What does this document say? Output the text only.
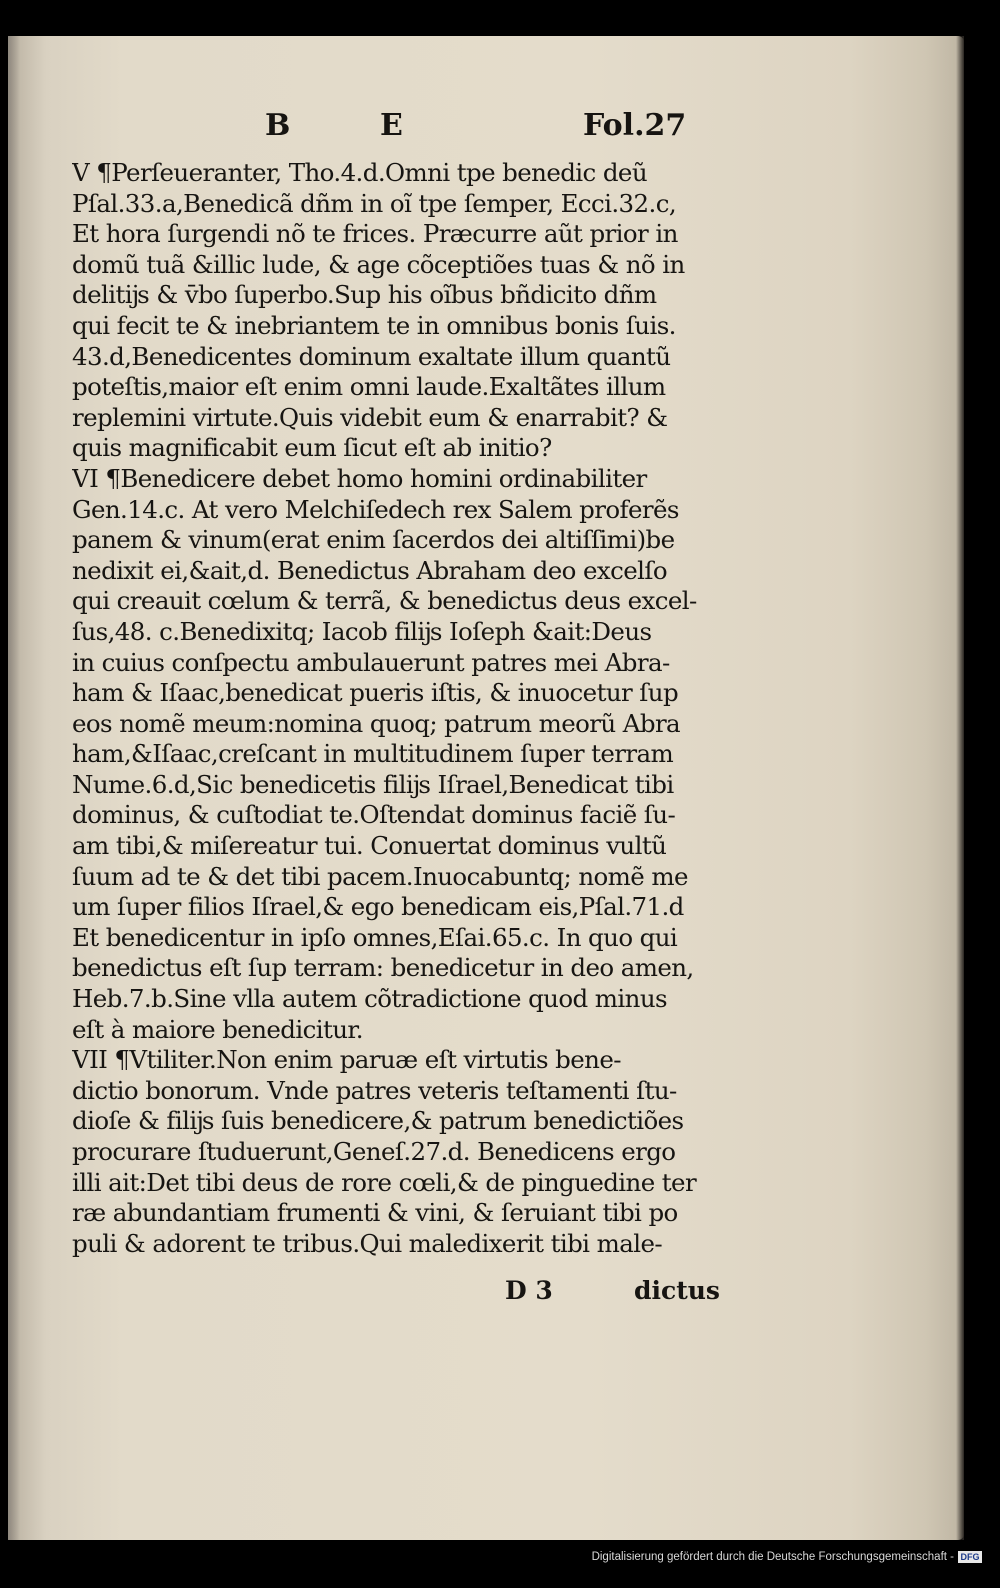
B	E	Fol.27
V ¶Perſeueranter, Tho.4.d.Omni tpe benedic deũ
Pſal.33.a,Benedicã dñm in oĩ tpe ſemper, Ecci.32.c,
Et hora ſurgendi nõ te frices. Præcurre aũt prior in
domũ tuã &illic lude, & age cõceptiões tuas & nõ in
delitĳs & v̄bo ſuperbo.Sup his oĩbus bñdicito dñm
qui fecit te & inebriantem te in omnibus bonis ſuis.
43.d,Benedicentes dominum exaltate illum quantũ
poteſtis,maior eſt enim omni laude.Exaltãtes illum
replemini virtute.Quis videbit eum & enarrabit? &
quis magnificabit eum ſicut eſt ab initio?
VI ¶Benedicere debet homo homini ordinabiliter
Gen.14.c. At vero Melchiſedech rex Salem proferẽs
panem & vinum(erat enim ſacerdos dei altiſſimi)be
nedixit ei,&ait,d. Benedictus Abraham deo excelſo
qui creauit cœlum & terrã, & benedictus deus excel-
ſus,48. c.Benedixitq; Iacob filĳs Ioſeph &ait:Deus
in cuius conſpectu ambulauerunt patres mei Abra-
ham & Iſaac,benedicat pueris iſtis, & inuocetur ſup
eos nomẽ meum:nomina quoq; patrum meorũ Abra
ham,&Iſaac,creſcant in multitudinem ſuper terram
Nume.6.d,Sic benedicetis filĳs Iſrael,Benedicat tibi
dominus, & cuſtodiat te.Oſtendat dominus faciẽ ſu-
am tibi,& miſereatur tui. Conuertat dominus vultũ
ſuum ad te & det tibi pacem.Inuocabuntq; nomẽ me
um ſuper filios Iſrael,& ego benedicam eis,Pſal.71.d
Et benedicentur in ipſo omnes,Eſai.65.c. In quo qui
benedictus eſt ſup terram: benedicetur in deo amen,
Heb.7.b.Sine vlla autem cõtradictione quod minus
eſt à maiore benedicitur.
VII ¶Vtiliter.Non enim paruæ eſt virtutis bene-
dictio bonorum. Vnde patres veteris teſtamenti ſtu-
dioſe & filĳs ſuis benedicere,& patrum benedictiões
procurare ſtuduerunt,Geneſ.27.d. Benedicens ergo
illi ait:Det tibi deus de rore cœli,& de pinguedine ter
ræ abundantiam frumenti & vini, & ſeruiant tibi po
puli & adorent te tribus.Qui maledixerit tibi male-
D 3	dictus
Digitalisierung gefördert durch die Deutsche Forschungsgemeinschaft - DFG
